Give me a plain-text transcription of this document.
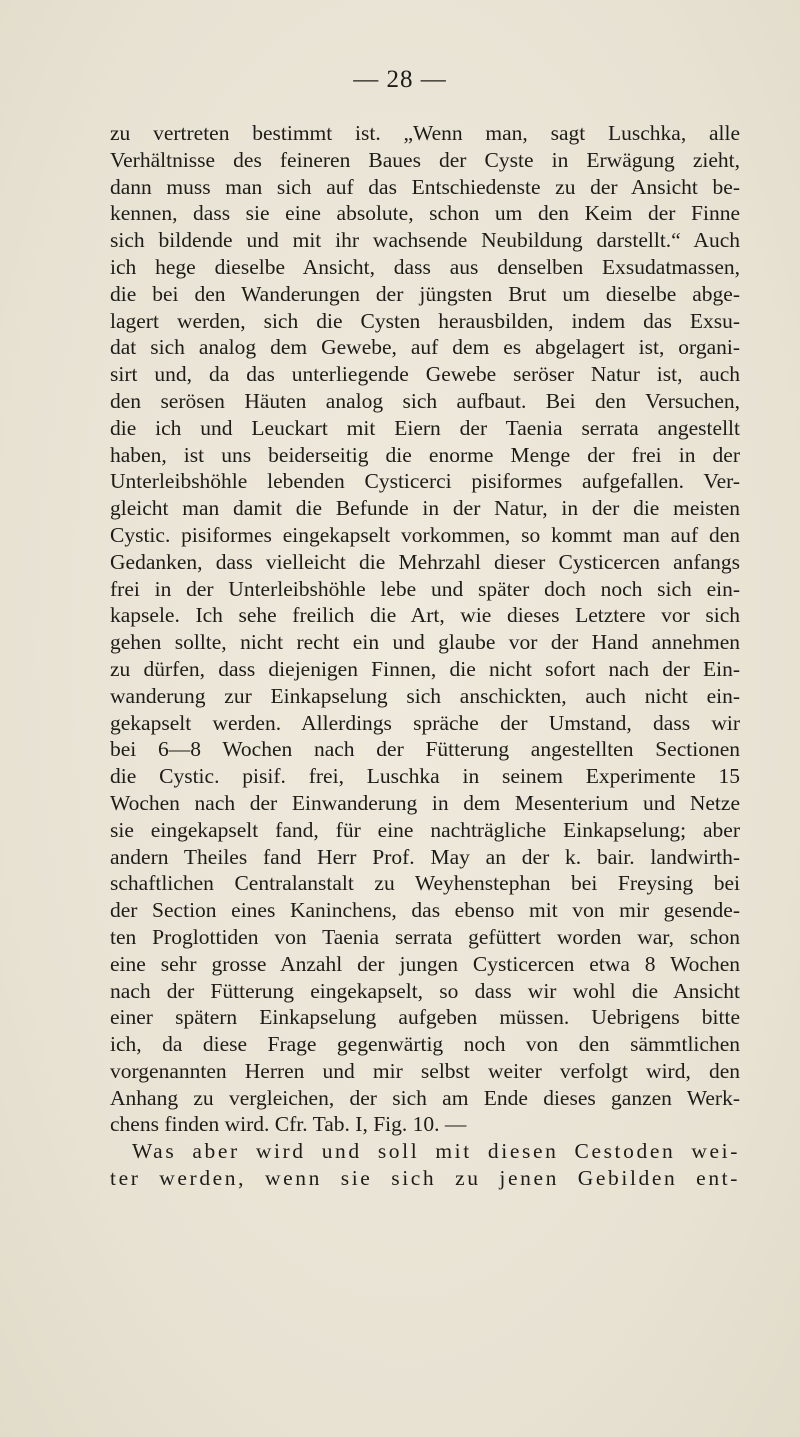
— 28 —
zu vertreten bestimmt ist. „Wenn man, sagt Luschka, alle
Verhältnisse des feineren Baues der Cyste in Erwägung zieht,
dann muss man sich auf das Entschiedenste zu der Ansicht be-
kennen, dass sie eine absolute, schon um den Keim der Finne
sich bildende und mit ihr wachsende Neubildung darstellt.“ Auch
ich hege dieselbe Ansicht, dass aus denselben Exsudatmassen,
die bei den Wanderungen der jüngsten Brut um dieselbe abge-
lagert werden, sich die Cysten herausbilden, indem das Exsu-
dat sich analog dem Gewebe, auf dem es abgelagert ist, organi-
sirt und, da das unterliegende Gewebe seröser Natur ist, auch
den serösen Häuten analog sich aufbaut. Bei den Versuchen,
die ich und Leuckart mit Eiern der Taenia serrata angestellt
haben, ist uns beiderseitig die enorme Menge der frei in der
Unterleibshöhle lebenden Cysticerci pisiformes aufgefallen. Ver-
gleicht man damit die Befunde in der Natur, in der die meisten
Cystic. pisiformes eingekapselt vorkommen, so kommt man auf den
Gedanken, dass vielleicht die Mehrzahl dieser Cysticercen anfangs
frei in der Unterleibshöhle lebe und später doch noch sich ein-
kapsele. Ich sehe freilich die Art, wie dieses Letztere vor sich
gehen sollte, nicht recht ein und glaube vor der Hand annehmen
zu dürfen, dass diejenigen Finnen, die nicht sofort nach der Ein-
wanderung zur Einkapselung sich anschickten, auch nicht ein-
gekapselt werden. Allerdings spräche der Umstand, dass wir
bei 6—8 Wochen nach der Fütterung angestellten Sectionen
die Cystic. pisif. frei, Luschka in seinem Experimente 15
Wochen nach der Einwanderung in dem Mesenterium und Netze
sie eingekapselt fand, für eine nachträgliche Einkapselung; aber
andern Theiles fand Herr Prof. May an der k. bair. landwirth-
schaftlichen Centralanstalt zu Weyhenstephan bei Freysing bei
der Section eines Kaninchens, das ebenso mit von mir gesende-
ten Proglottiden von Taenia serrata gefüttert worden war, schon
eine sehr grosse Anzahl der jungen Cysticercen etwa 8 Wochen
nach der Fütterung eingekapselt, so dass wir wohl die Ansicht
einer spätern Einkapselung aufgeben müssen. Uebrigens bitte
ich, da diese Frage gegenwärtig noch von den sämmtlichen
vorgenannten Herren und mir selbst weiter verfolgt wird, den
Anhang zu vergleichen, der sich am Ende dieses ganzen Werk-
chens finden wird. Cfr. Tab. I, Fig. 10. —
Was aber wird und soll mit diesen Cestoden wei-
ter werden, wenn sie sich zu jenen Gebilden ent-
